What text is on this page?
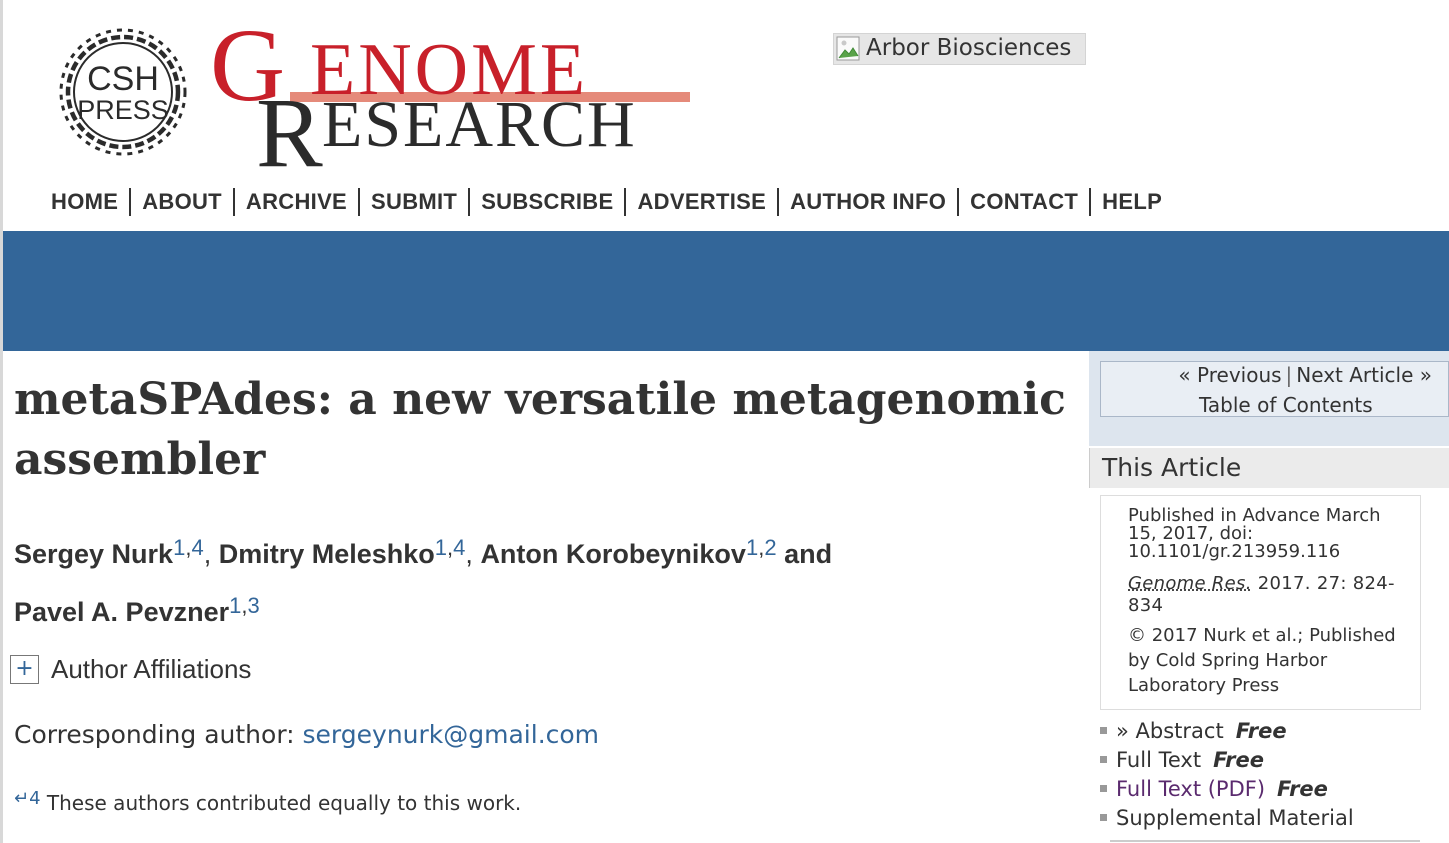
CSH
PRESS G ENOME
R ESEARCH
Arbor Biosciences
HOME	ABOUT	ARCHIVE	SUBMIT	SUBSCRIBE	ADVERTISE	AUTHOR INFO	CONTACT	HELP
metaSPAdes: a new versatile metagenomic
assembler
Sergey Nurk$^{1,4}$, Dmitry Meleshko$^{1,4}$, Anton Korobeynikov$^{1,2}$ and
Pavel A. Pevzner$^{1,3}$
+ Author Affiliations
Corresponding author: sergeynurk@gmail.com
↵4 These authors contributed equally to this work.
« Previous | Next Article »
Table of Contents
This Article

Published in Advance March 15, 2017, doi: 10.1101/gr.213959.116

Genome Res. 2017. 27: 824-834

© 2017 Nurk et al.; Published by Cold Spring Harbor Laboratory Press

» Abstract Free
Full Text Free
Full Text (PDF) Free
Supplemental Material
